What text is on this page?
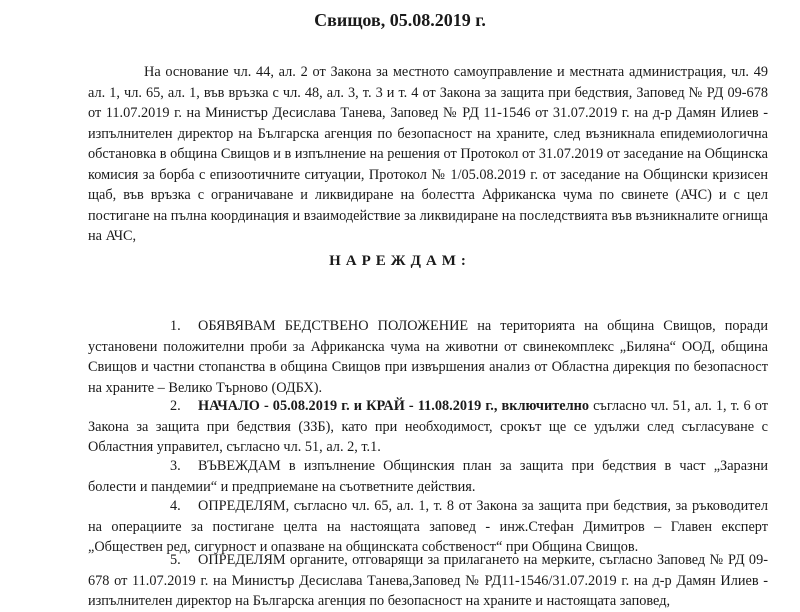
Свищов, 05.08.2019 г.
На основание чл. 44, ал. 2 от Закона за местното самоуправление и местната администрация, чл. 49 ал. 1, чл. 65, ал. 1, във връзка с чл. 48, ал. 3, т. 3 и т. 4 от Закона за защита при бедствия, Заповед № РД 09-678 от 11.07.2019 г. на Министър Десислава Танева, Заповед № РД 11-1546 от 31.07.2019 г. на д-р Дамян Илиев - изпълнителен директор на Българска агенция по безопасност на храните, след възникнала епидемиологична обстановка в община Свищов и в изпълнение на решения от Протокол от 31.07.2019 от заседание на Общинска комисия за борба с епизоотичните ситуации, Протокол № 1/05.08.2019 г. от заседание на Общински кризисен щаб, във връзка с ограничаване и ликвидиране на болестта Африканска чума по свинете (АЧС) и с цел постигане на пълна координация и взаимодействие за ликвидиране на последствията във възникналите огнища на АЧС,
НАРЕЖДАМ:
1. ОБЯВЯВАМ БЕДСТВЕНО ПОЛОЖЕНИЕ на територията на община Свищов, поради установени положителни проби за Африканска чума на животни от свинекомплекс „Биляна“ ООД, община Свищов и частни стопанства в община Свищов при извършения анализ от Областна дирекция по безопасност на храните – Велико Търново (ОДБХ).
2. НАЧАЛО - 05.08.2019 г. и КРАЙ - 11.08.2019 г., включително съгласно чл. 51, ал. 1, т. 6 от Закона за защита при бедствия (ЗЗБ), като при необходимост, срокът ще се удължи след съгласуване с Областния управител, съгласно чл. 51, ал. 2, т.1.
3. ВЪВЕЖДАМ в изпълнение Общинския план за защита при бедствия в част „Заразни болести и пандемии“ и предприемане на съответните действия.
4. ОПРЕДЕЛЯМ, съгласно чл. 65, ал. 1, т. 8 от Закона за защита при бедствия, за ръководител на операциите за постигане целта на настоящата заповед - инж.Стефан Димитров – Главен експерт „Обществен ред, сигурност и опазване на общинската собственост“ при Община Свищов.
5. ОПРЕДЕЛЯМ органите, отговарящи за прилагането на мерките, съгласно Заповед № РД 09-678 от 11.07.2019 г. на Министър Десислава Танева,Заповед № РД11-1546/31.07.2019 г. на д-р Дамян Илиев - изпълнителен директор на Българска агенция по безопасност на храните и настоящата заповед,
